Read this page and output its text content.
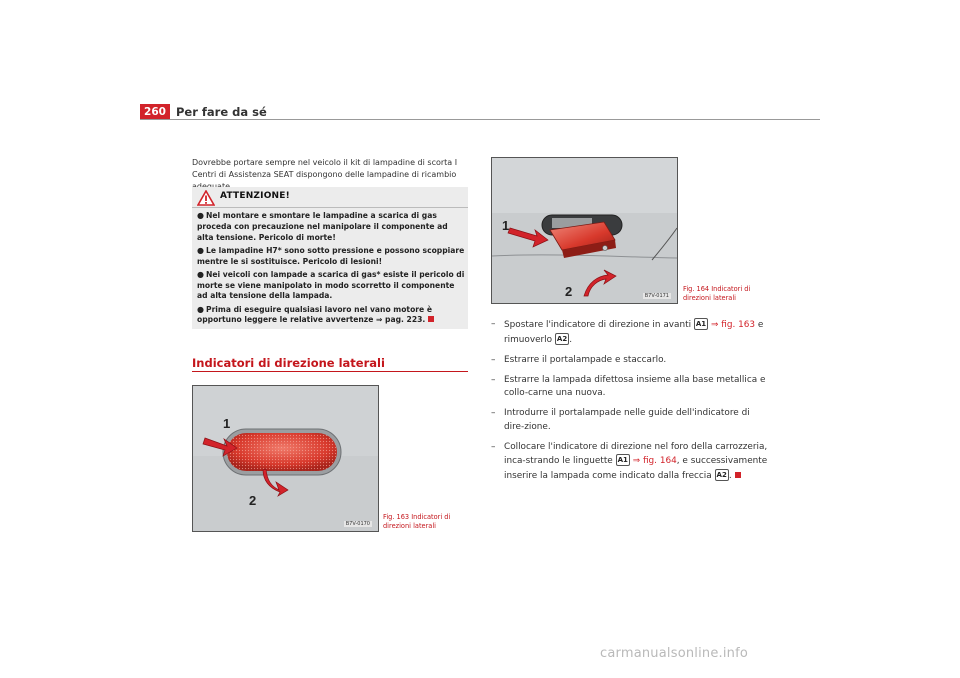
260 Per fare da sé
Dovrebbe portare sempre nel veicolo il kit di lampadine di scorta I Centri di Assistenza SEAT dispongono delle lampadine di ricambio
ATTENZIONE!
● Nel montare e smontare le lampadine a scarica di gas proceda con precauzione nel manipolare il componente ad alta tensione. Pericolo di morte!
● Le lampadine H7* sono sotto pressione e possono scoppiare mentre le si sostituisce. Pericolo di lesioni!
● Nei veicoli con lampade a scarica di gas* esiste il pericolo di morte se viene manipolato in modo scorretto il componente ad alta tensione della lampada.
● Prima di eseguire qualsiasi lavoro nel vano motore è opportuno leggere le relative avvertenze ⇒ pag. 223.
Indicatori di direzione laterali
1
2
B7V-0170
Fig. 163 Indicatori di direzioni laterali
1
2	B7V-0171
Fig. 164 Indicatori di direzioni laterali
– Spostare l'indicatore di direzione in avanti A1 ⇒ fig. 163 e rimuoverlo A2 .
– Estrarre il portalampade e staccarlo.
– Estrarre la lampada difettosa insieme alla base metallica e collo-carne una nuova.
– Introdurre il portalampade nelle guide dell'indicatore di dire-zione.
– Collocare l'indicatore di direzione nel foro della carrozzeria, inca-strando le linguette A1 ⇒ fig. 164, e successivamente inserire la lampada come indicato dalla freccia A2 .
carmanualsonline.info
